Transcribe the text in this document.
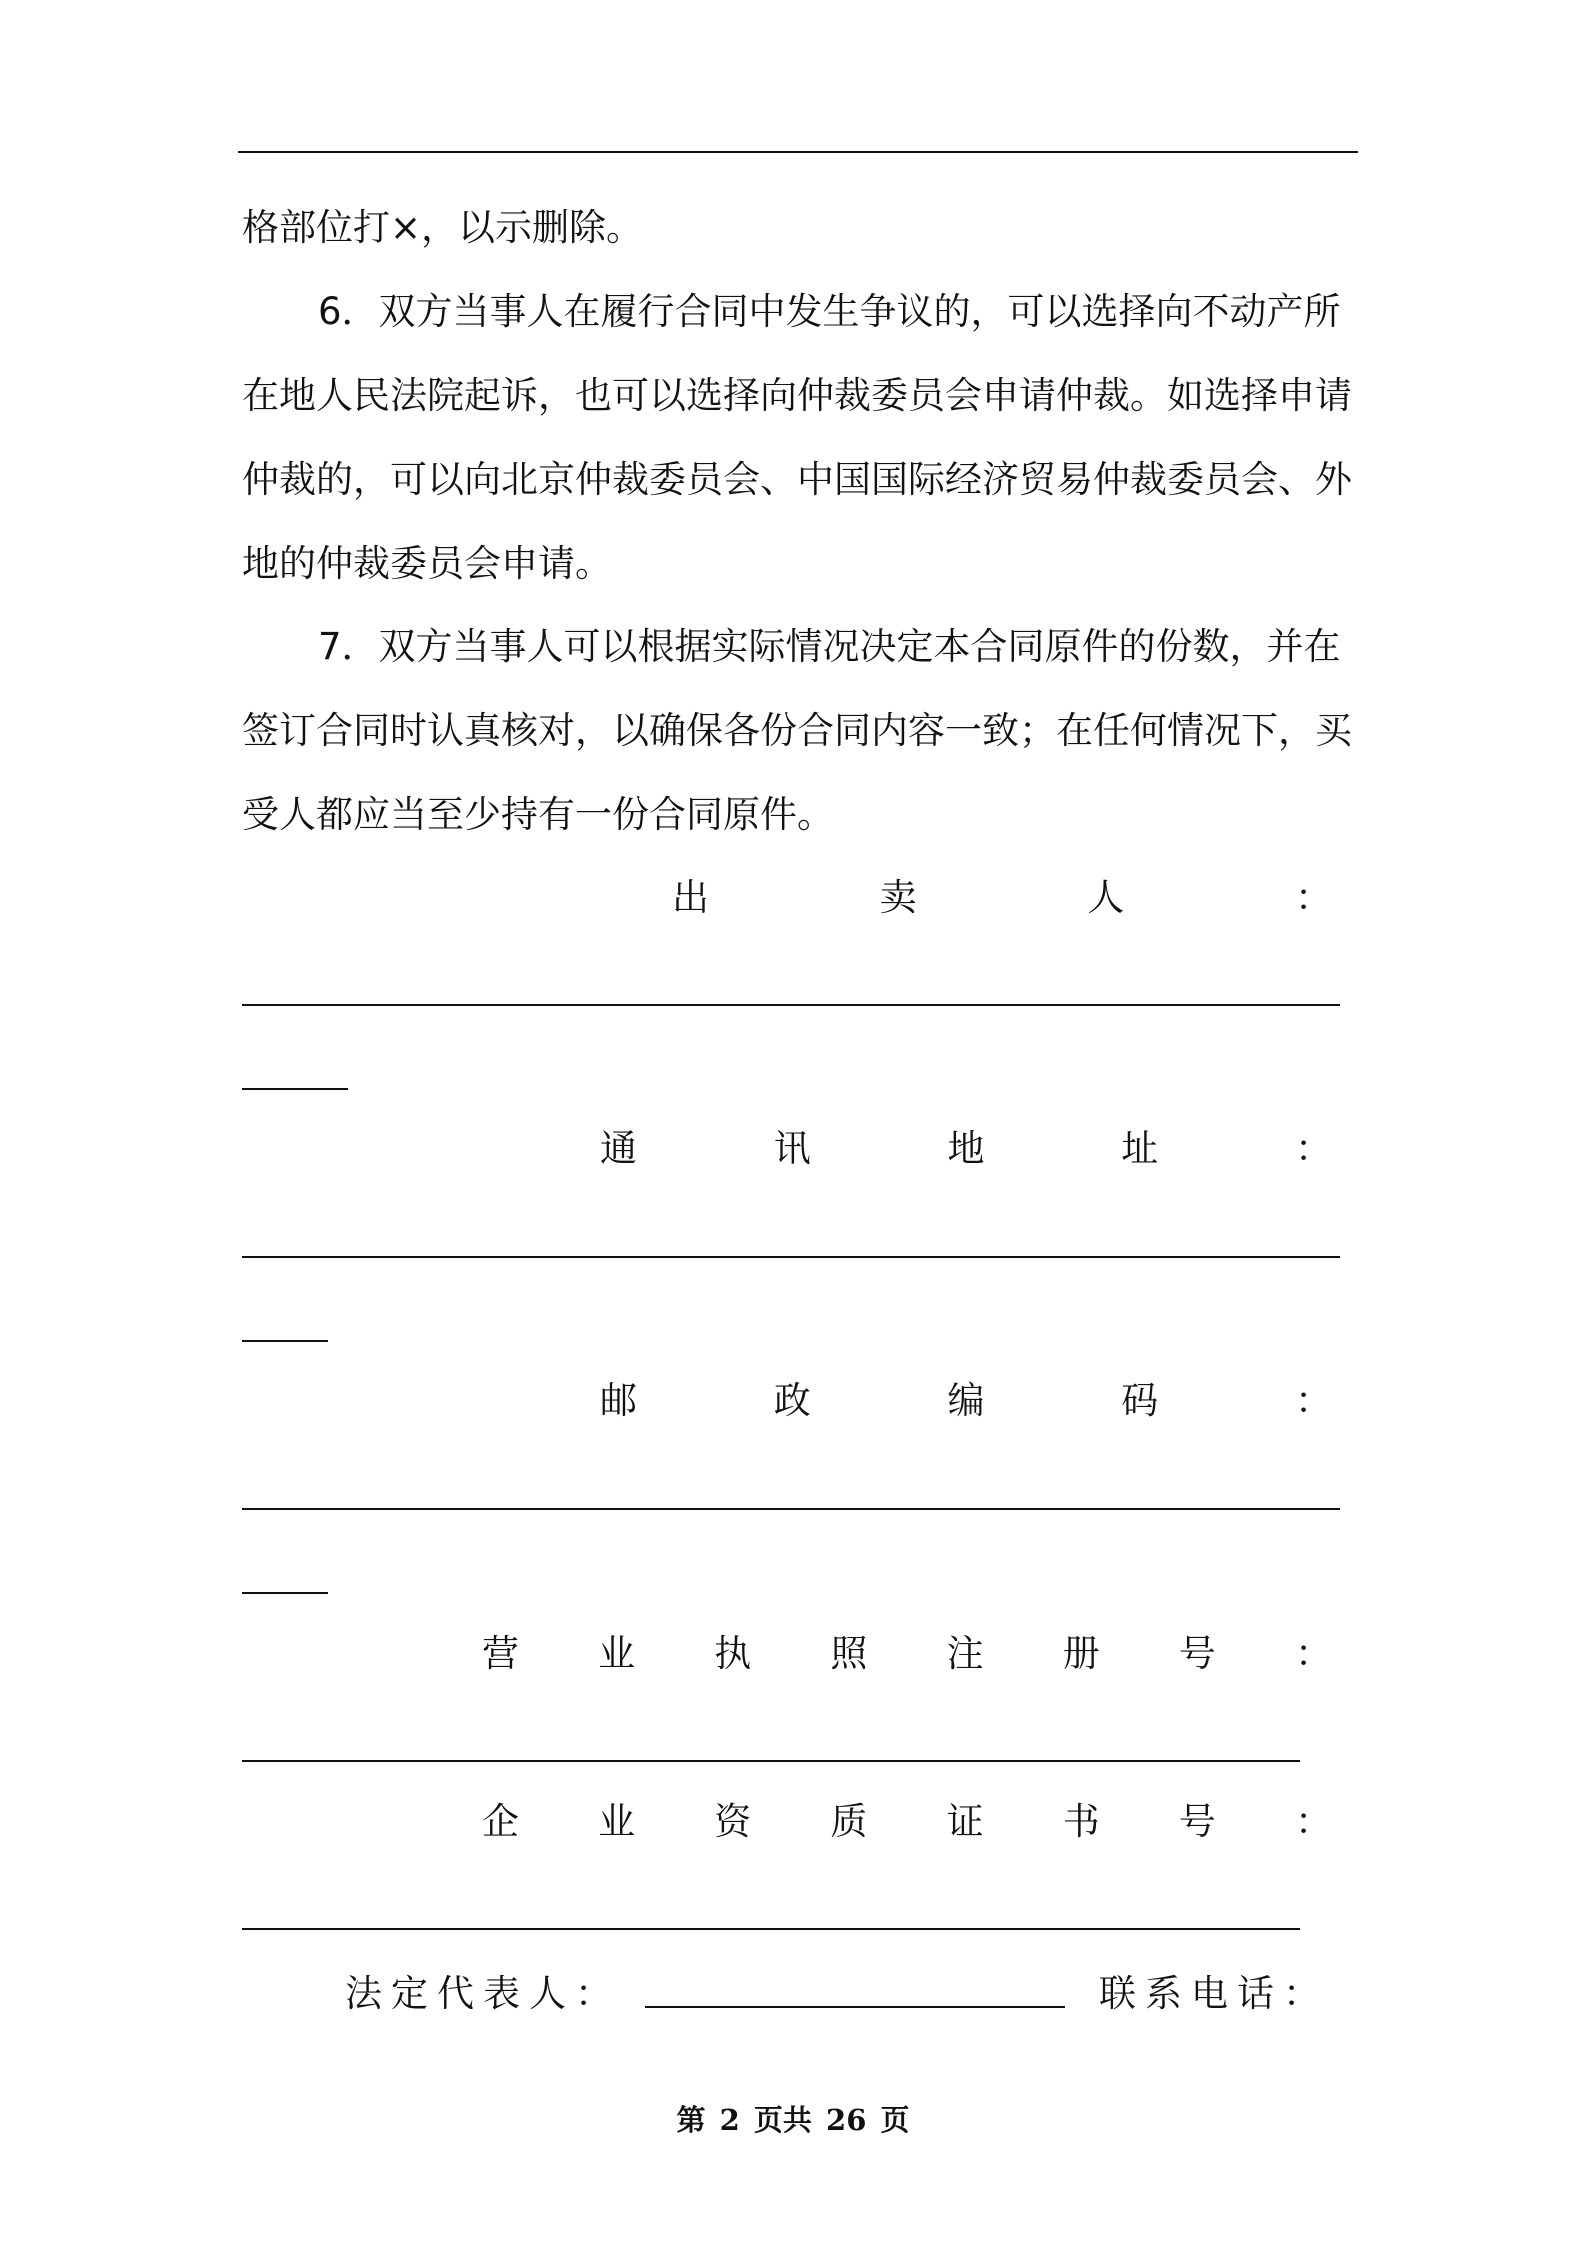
格部位打×，以示删除。

6．双方当事人在履行合同中发生争议的，可以选择向不动产所在地人民法院起诉，也可以选择向仲裁委员会申请仲裁。如选择申请仲裁的，可以向北京仲裁委员会、中国国际经济贸易仲裁委员会、外地的仲裁委员会申请。

7．双方当事人可以根据实际情况决定本合同原件的份数，并在签订合同时认真核对，以确保各份合同内容一致；在任何情况下，买受人都应当至少持有一份合同原件。

出	卖	人	：
通	讯	地	址	：
邮	政	编	码	：
营 业 执 照 注 册 号 ：
企 业 资 质 证 书 号 ：
法定代表人：	联系电话：
第 2 页共 26 页
